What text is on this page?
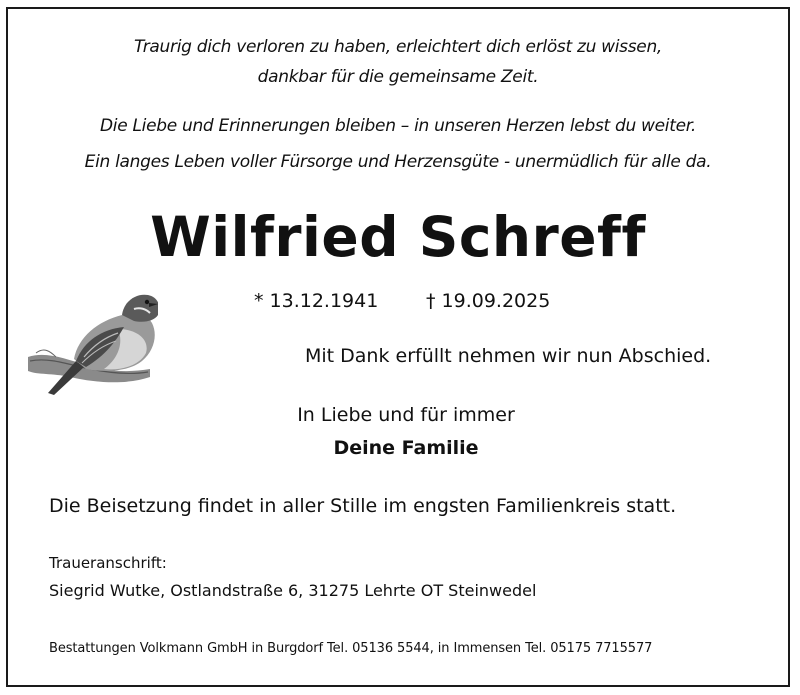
Traurig dich verloren zu haben, erleichtert dich erlöst zu wissen,
dankbar für die gemeinsame Zeit.
Die Liebe und Erinnerungen bleiben – in unseren Herzen lebst du weiter.
Ein langes Leben voller Fürsorge und Herzensgüte - unermüdlich für alle da.
Wilfried Schreff
* 13.12.1941	† 19.09.2025
Mit Dank erfüllt nehmen wir nun Abschied.
In Liebe und für immer
Deine Familie
Die Beisetzung findet in aller Stille im engsten Familienkreis statt.
Traueranschrift:
Siegrid Wutke, Ostlandstraße 6, 31275 Lehrte OT Steinwedel
Bestattungen Volkmann GmbH in Burgdorf Tel. 05136 5544, in Immensen Tel. 05175 7715577
